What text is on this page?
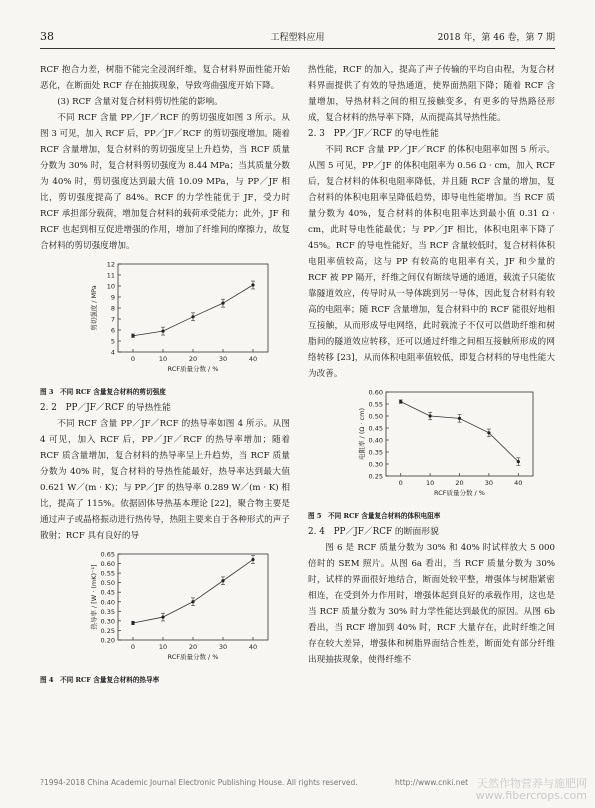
38	工程塑料应用	2018 年，第 46 卷，第 7 期

RCF 抱合力差，树脂不能完全浸润纤维，复合材料界面性能开始恶化，在断面处 RCF 存在抽拔现象，导致弯曲强度开始下降。

(3) RCF 含量对复合材料剪切性能的影响。

不同 RCF 含量 PP／JF／RCF 的剪切强度如图 3 所示。从图 3 可见，加入 RCF 后，PP／JF／RCF 的剪切强度增加。随着 RCF 含量增加，复合材料的剪切强度呈上升趋势，当 RCF 质量分数为 30% 时，复合材料剪切强度为 8.44 MPa；当其质量分数为 40% 时，剪切强度达到最大值 10.09 MPa，与 PP／JF 相比，剪切强度提高了 84%。RCF 的力学性能优于 JF，受力时 RCF 承担部分载荷，增加复合材料的载荷承受能力；此外，JF 和 RCF 也起到相互促进增强的作用，增加了纤维间的摩擦力，故复合材料的剪切强度增加。

4
5
6
7
8
9
10
11
12
0	10	20	30	40
RCF质量分数 / %
剪切强度 / MPa

图 3　不同 RCF 含量复合材料的剪切强度

2. 2　PP／JF／RCF 的导热性能

不同 RCF 含量 PP／JF／RCF 的热导率如图 4 所示。从图 4 可见，加入 RCF 后，PP／JF／RCF 的热导率增加；随着 RCF 质含量增加，复合材料的热导率呈上升趋势，当 RCF 质量分数为 40% 时，复合材料的导热性能最好，热导率达到最大值 0.621 W／(m · K)；与 PP／JF 的热导率 0.289 W／(m · K) 相比，提高了 115%。依据固体导热基本理论 [22]，聚合物主要是通过声子或晶格振动进行热传导，热阻主要来自于各种形式的声子散射；RCF 具有良好的导

0.20
0.25
0.30
0.35
0.40
0.45
0.50
0.55
0.60
0.65
0	10	20	30	40
RCF质量分数 / %
热导率 / [W · (mK)⁻¹]

图 4　不同 RCF 含量复合材料的热导率

热性能，RCF 的加入，提高了声子传输的平均自由程，为复合材料界面提供了有效的导热通道，使界面热阻下降；随着 RCF 含量增加，导热材料之间的相互接触变多，有更多的导热路径形成，复合材料的热导率下降，从而提高其导热性能。

2. 3　PP／JF／RCF 的导电性能

不同 RCF 含量 PP／JF／RCF 的体积电阻率如图 5 所示。从图 5 可见，PP／JF 的体积电阻率为 0.56 Ω · cm，加入 RCF 后，复合材料的体积电阻率降低，并且随 RCF 含量的增加，复合材料的体积电阻率呈降低趋势，即导电性能增加。当 RCF 质量分数为 40%，复合材料的体积电阻率达到最小值 0.31 Ω · cm，此时导电性能最优；与 PP／JF 相比，体积电阻率下降了 45%。RCF 的导电性能好，当 RCF 含量较低时，复合材料体积电阻率值较高，这与 PP 有较高的电阻率有关，JF 和少量的 RCF 被 PP 隔开，纤维之间仅有断续导通的通道，载流子只能依靠隧道效应，传导时从一导体跳到另一导体，因此复合材料有较高的电阻率；随 RCF 含量增加，复合材料中的 RCF 能很好地相互接触，从而形成导电网络，此时载流子不仅可以借助纤维和树脂间的隧道效应转移，还可以通过纤维之间相互接触所形成的网络转移 [23]，从而体积电阻率值较低，即复合材料的导电性能大为改善。

0.25
0.30
0.35
0.40
0.45
0.50
0.55
0.60
0	10	20	30	40
RCF质量分数 / %
电阻率 / (Ω · cm)

图 5　不同 RCF 含量复合材料的体积电阻率

2. 4　PP／JF／RCF 的断面形貌

图 6 是 RCF 质量分数为 30% 和 40% 时试样放大 5 000 倍时的 SEM 照片。从图 6a 看出，当 RCF 质量分数为 30% 时，试样的界面很好地结合，断面处较平整，增强体与树脂紧密相连，在受到外力作用时，增强体起到良好的承载作用，这也是当 RCF 质量分数为 30% 时力学性能达到最优的原因。从图 6b 看出，当 RCF 增加到 40% 时，RCF 大量存在，此时纤维之间存在较大差异，增强体和树脂界面结合性差，断面处有部分纤维出现抽拔现象，使得纤维不

?1994-2018 China Academic Journal Electronic Publishing House. All rights reserved.	http://www.cnki.net 天然作物营养与施肥网
www.fibercrops.com
